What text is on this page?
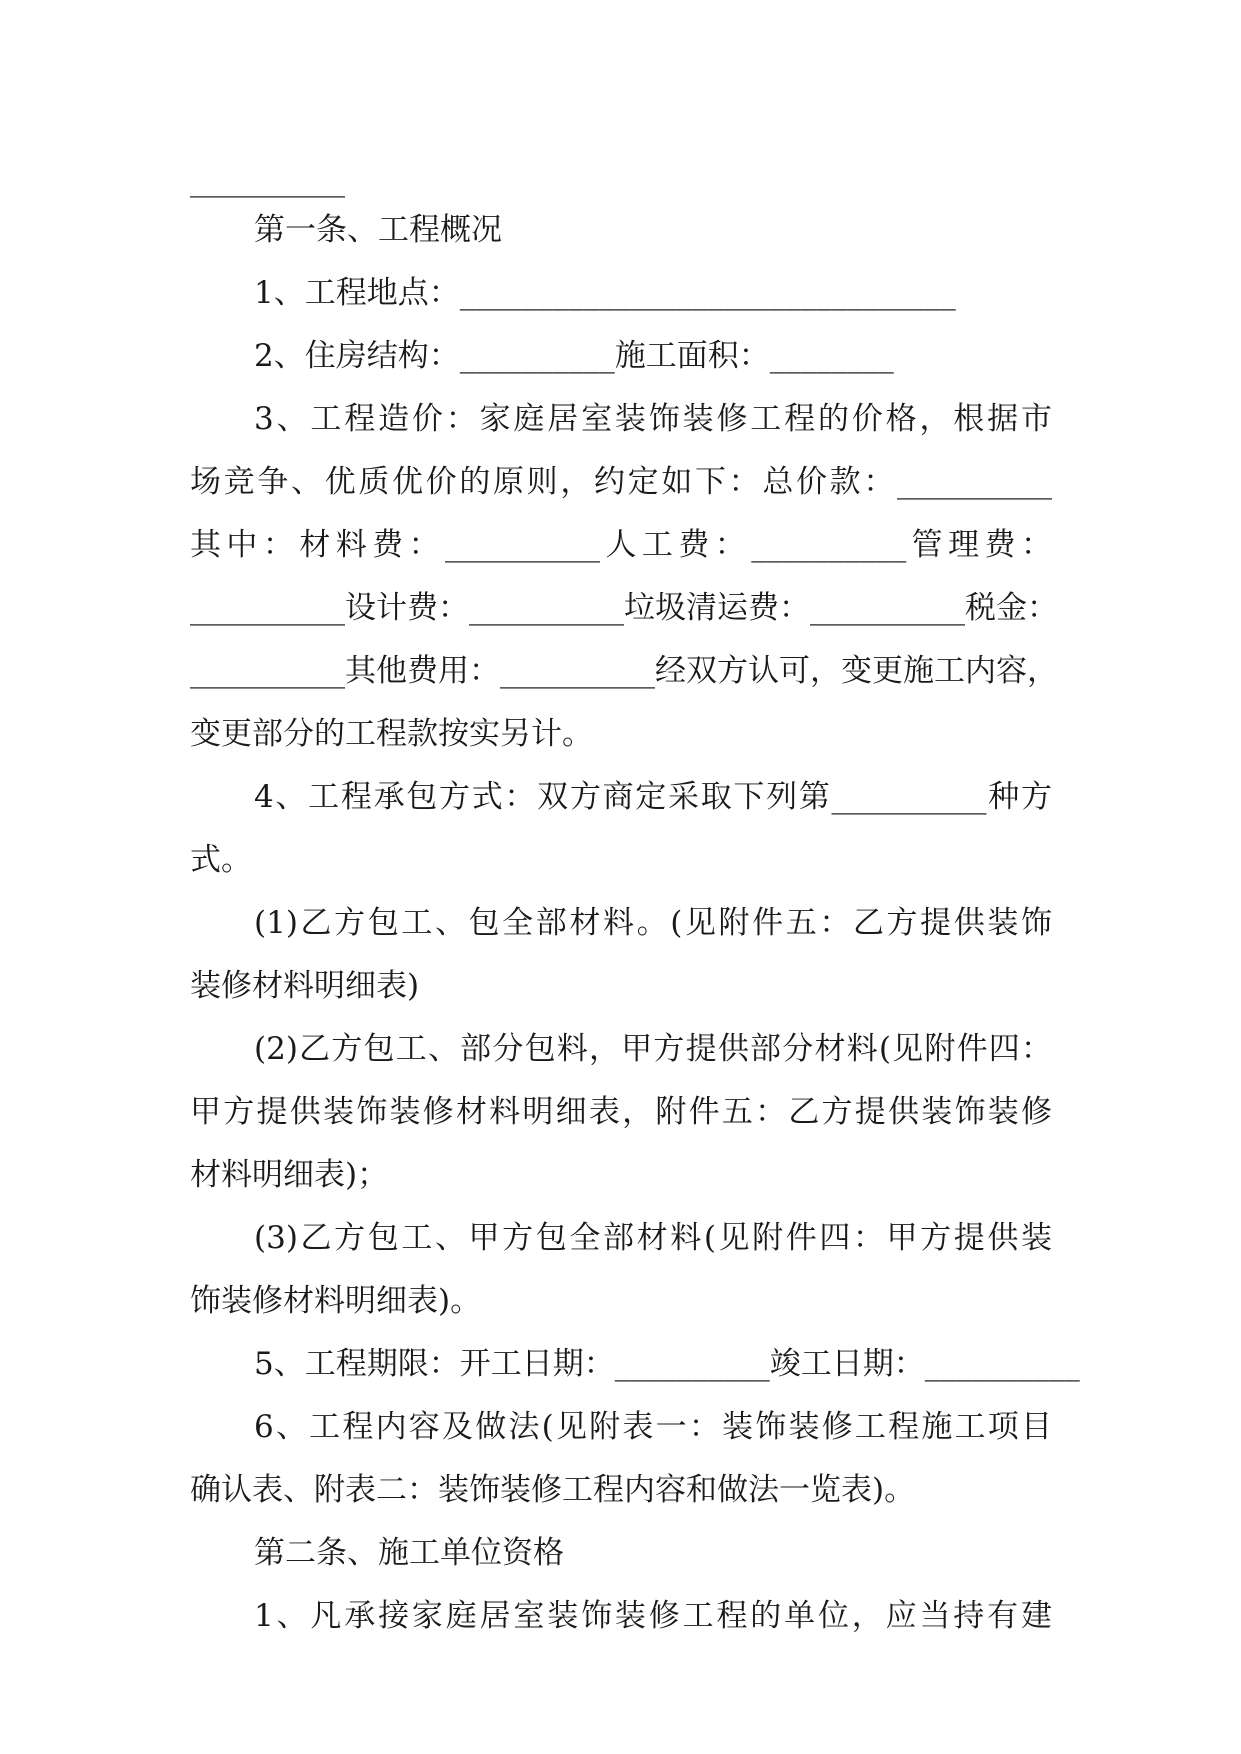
__________
第一条、工程概况
1、工程地点：________________________________
2、住房结构：__________施工面积：________
3、工程造价：家庭居室装饰装修工程的价格，根据市
场竞争、优质优价的原则，约定如下：总价款：__________
其中：材料费：__________人工费：__________管理费：
__________设计费：__________垃圾清运费：__________税金：
__________其他费用：__________经双方认可，变更施工内容，
变更部分的工程款按实另计。
4、工程承包方式：双方商定采取下列第__________种方
式。
(1)乙方包工、包全部材料。(见附件五：乙方提供装饰
装修材料明细表)
(2)乙方包工、部分包料，甲方提供部分材料(见附件四：
甲方提供装饰装修材料明细表，附件五：乙方提供装饰装修
材料明细表)；
(3)乙方包工、甲方包全部材料(见附件四：甲方提供装
饰装修材料明细表)。
5、工程期限：开工日期：__________竣工日期：__________
6、工程内容及做法(见附表一：装饰装修工程施工项目
确认表、附表二：装饰装修工程内容和做法一览表)。
第二条、施工单位资格
1、凡承接家庭居室装饰装修工程的单位，应当持有建
